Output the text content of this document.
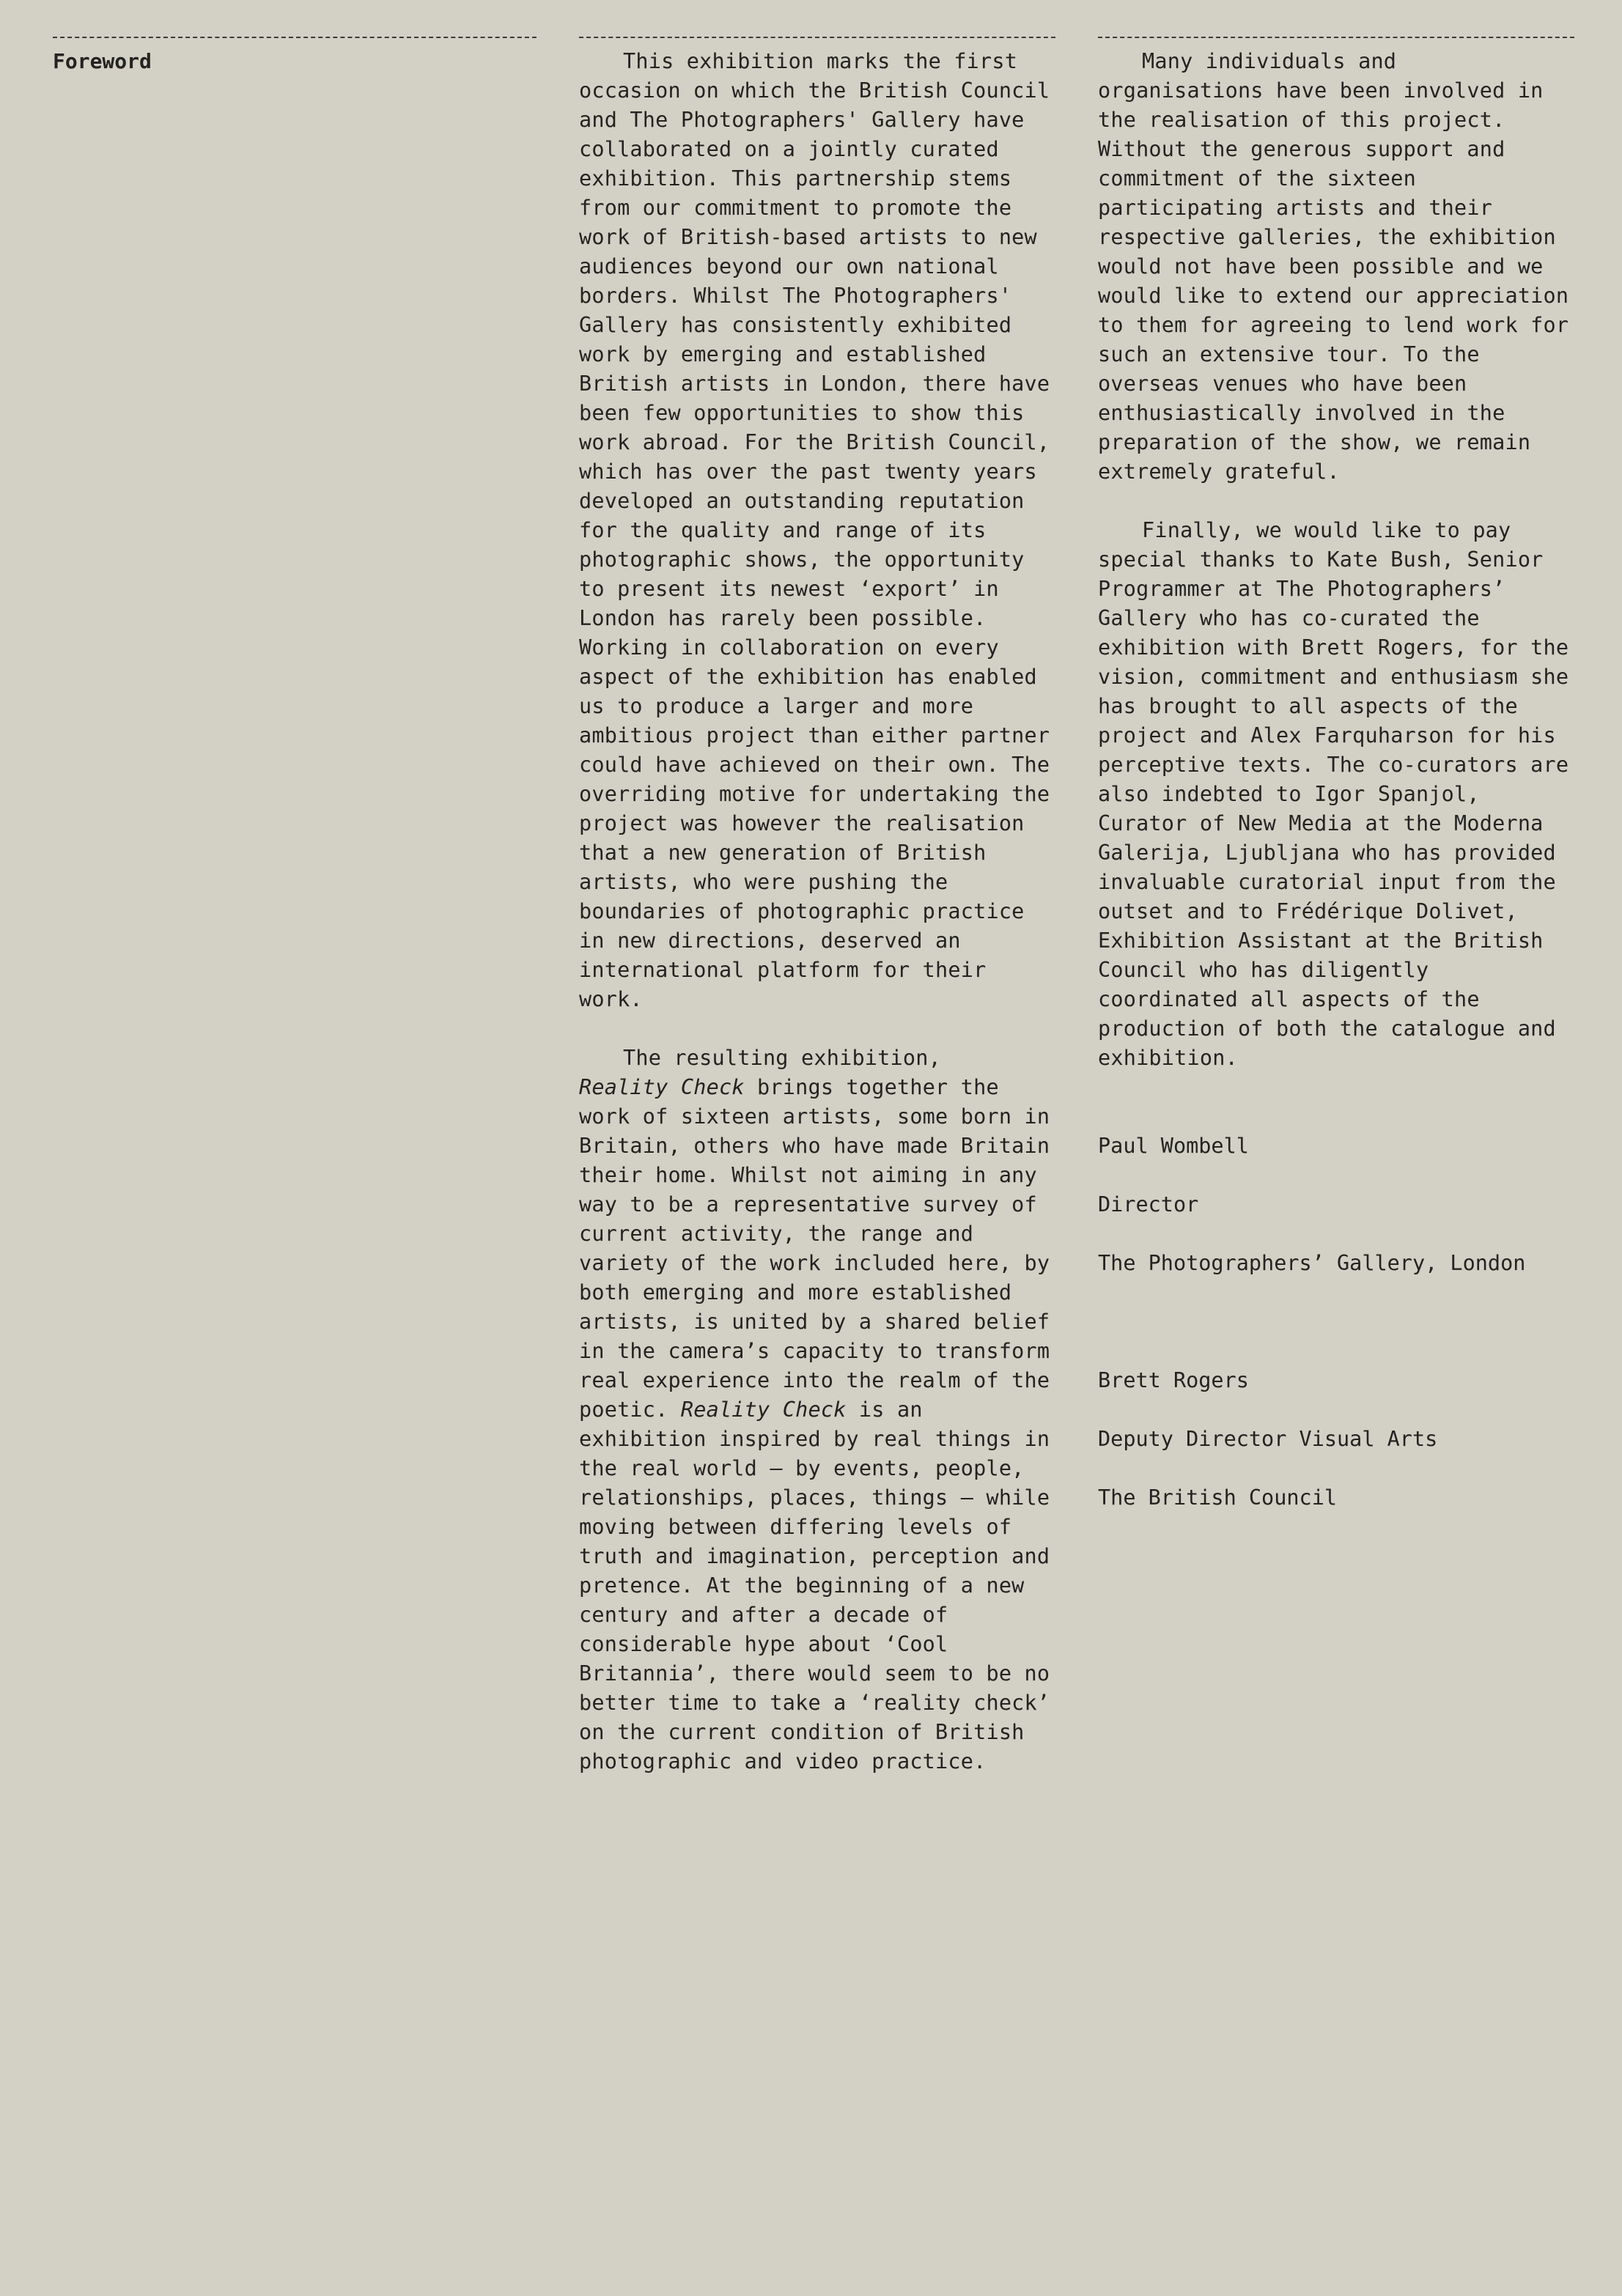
Foreword	This exhibition marks the first occasion on which the British Council and The Photographers' Gallery have collaborated on a jointly curated exhibition. This partnership stems from our commitment to promote the work of British-based artists to new audiences beyond our own national borders. Whilst The Photographers' Gallery has consistently exhibited work by emerging and established British artists in London, there have been few opportunities to show this work abroad. For the British Council, which has over the past twenty years developed an outstanding reputation for the quality and range of its photographic shows, the opportunity to present its newest ‘export’ in London has rarely been possible. Working in collaboration on every aspect of the exhibition has enabled us to produce a larger and more ambitious project than either partner could have achieved on their own. The overriding motive for undertaking the project was however the realisation that a new generation of British artists, who were pushing the boundaries of photographic practice in new directions, deserved an international platform for their work.

The resulting exhibition,
Reality Check brings together the work of sixteen artists, some born in Britain, others who have made Britain their home. Whilst not aiming in any way to be a representative survey of current activity, the range and variety of the work included here, by both emerging and more established artists, is united by a shared belief in the camera’s capacity to transform real experience into the realm of the poetic. Reality Check is an exhibition inspired by real things in the real world – by events, people, relationships, places, things – while moving between differing levels of truth and imagination, perception and pretence. At the beginning of a new century and after a decade of considerable hype about ‘Cool Britannia’, there would seem to be no better time to take a ‘reality check’ on the current condition of British photographic and video practice.

Many individuals and organisations have been involved in the realisation of this project. Without the generous support and commitment of the sixteen participating artists and their respective galleries, the exhibition would not have been possible and we would like to extend our appreciation to them for agreeing to lend work for such an extensive tour. To the overseas venues who have been enthusiastically involved in the preparation of the show, we remain extremely grateful.

Finally, we would like to pay special thanks to Kate Bush, Senior Programmer at The Photographers’ Gallery who has co-curated the exhibition with Brett Rogers, for the vision, commitment and enthusiasm she has brought to all aspects of the project and Alex Farquharson for his perceptive texts. The co-curators are also indebted to Igor Spanjol, Curator of New Media at the Moderna Galerija, Ljubljana who has provided invaluable curatorial input from the outset and to Frédérique Dolivet, Exhibition Assistant at the British Council who has diligently coordinated all aspects of the production of both the catalogue and exhibition.

Paul Wombell

Director

The Photographers’ Gallery, London

Brett Rogers

Deputy Director Visual Arts

The British Council
